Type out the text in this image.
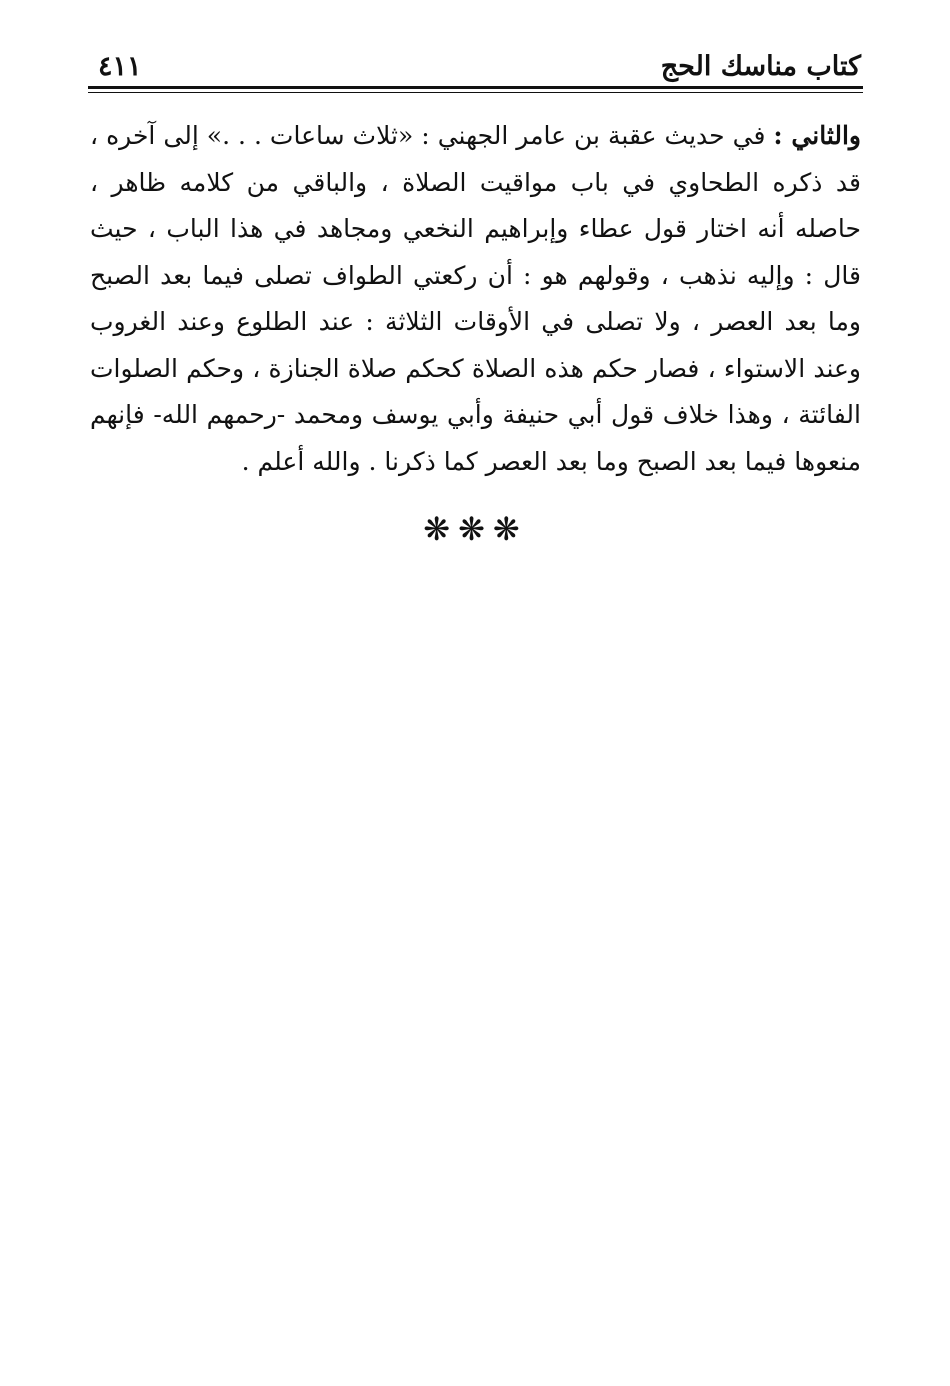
كتاب مناسك الحج
٤١١

والثاني : في حديث عقبة بن عامر الجهني : «ثلاث ساعات . . .» إلى آخره ، قد ذكره الطحاوي في باب مواقيت الصلاة ، والباقي من كلامه ظاهر ، حاصله أنه اختار قول عطاء وإبراهيم النخعي ومجاهد في هذا الباب ، حيث قال : وإليه نذهب ، وقولهم هو : أن ركعتي الطواف تصلى فيما بعد الصبح وما بعد العصر ، ولا تصلى في الأوقات الثلاثة : عند الطلوع وعند الغروب وعند الاستواء ، فصار حكم هذه الصلاة كحكم صلاة الجنازة ، وحكم الصلوات الفائتة ، وهذا خلاف قول أبي حنيفة وأبي يوسف ومحمد -رحمهم الله- فإنهم منعوها فيما بعد الصبح وما بعد العصر كما ذكرنا . والله أعلم .

❋❋❋
